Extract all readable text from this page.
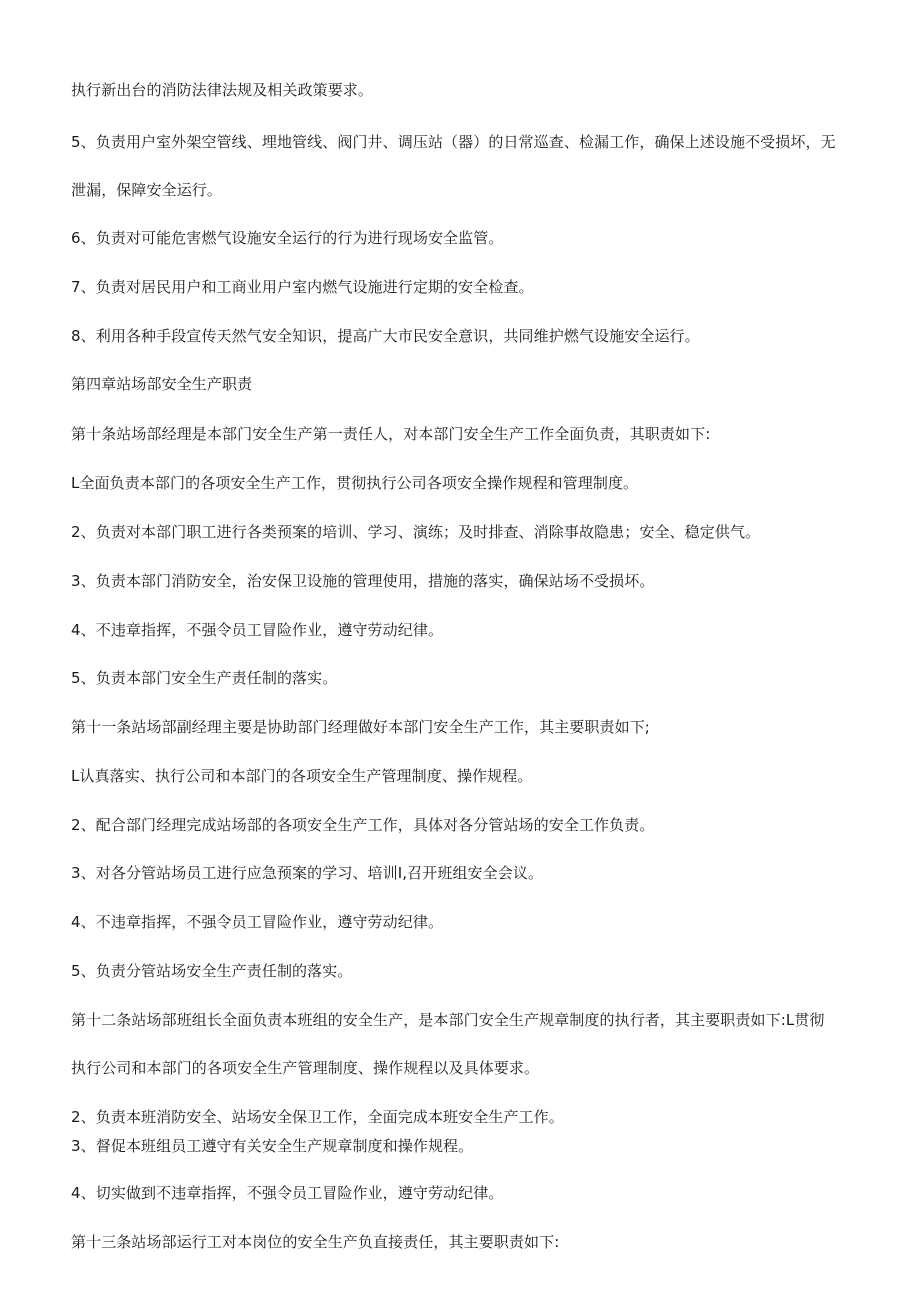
执行新出台的消防法律法规及相关政策要求。
5、负责用户室外架空管线、埋地管线、阀门井、调压站（器）的日常巡查、检漏工作，确保上述设施不受损坏，无
泄漏，保障安全运行。
6、负责对可能危害燃气设施安全运行的行为进行现场安全监管。
7、负责对居民用户和工商业用户室内燃气设施进行定期的安全检查。
8、利用各种手段宣传天然气安全知识，提高广大市民安全意识，共同维护燃气设施安全运行。
第四章站场部安全生产职责
第十条站场部经理是本部门安全生产第一责任人，对本部门安全生产工作全面负责，其职责如下:
L全面负责本部门的各项安全生产工作，贯彻执行公司各项安全操作规程和管理制度。
2、负责对本部门职工进行各类预案的培训、学习、演练；及时排查、消除事故隐患；安全、稳定供气。
3、负责本部门消防安全，治安保卫设施的管理使用，措施的落实，确保站场不受损坏。
4、不违章指挥，不强令员工冒险作业，遵守劳动纪律。
5、负责本部门安全生产责任制的落实。
第十一条站场部副经理主要是协助部门经理做好本部门安全生产工作，其主要职责如下;
L认真落实、执行公司和本部门的各项安全生产管理制度、操作规程。
2、配合部门经理完成站场部的各项安全生产工作，具体对各分管站场的安全工作负责。
3、对各分管站场员工进行应急预案的学习、培训I,召开班组安全会议。
4、不违章指挥，不强令员工冒险作业，遵守劳动纪律。
5、负责分管站场安全生产责任制的落实。
第十二条站场部班组长全面负责本班组的安全生产，是本部门安全生产规章制度的执行者，其主要职责如下:L贯彻
执行公司和本部门的各项安全生产管理制度、操作规程以及具体要求。
2、负责本班消防安全、站场安全保卫工作，全面完成本班安全生产工作。
3、督促本班组员工遵守有关安全生产规章制度和操作规程。
4、切实做到不违章指挥，不强令员工冒险作业，遵守劳动纪律。
第十三条站场部运行工对本岗位的安全生产负直接责任，其主要职责如下:
